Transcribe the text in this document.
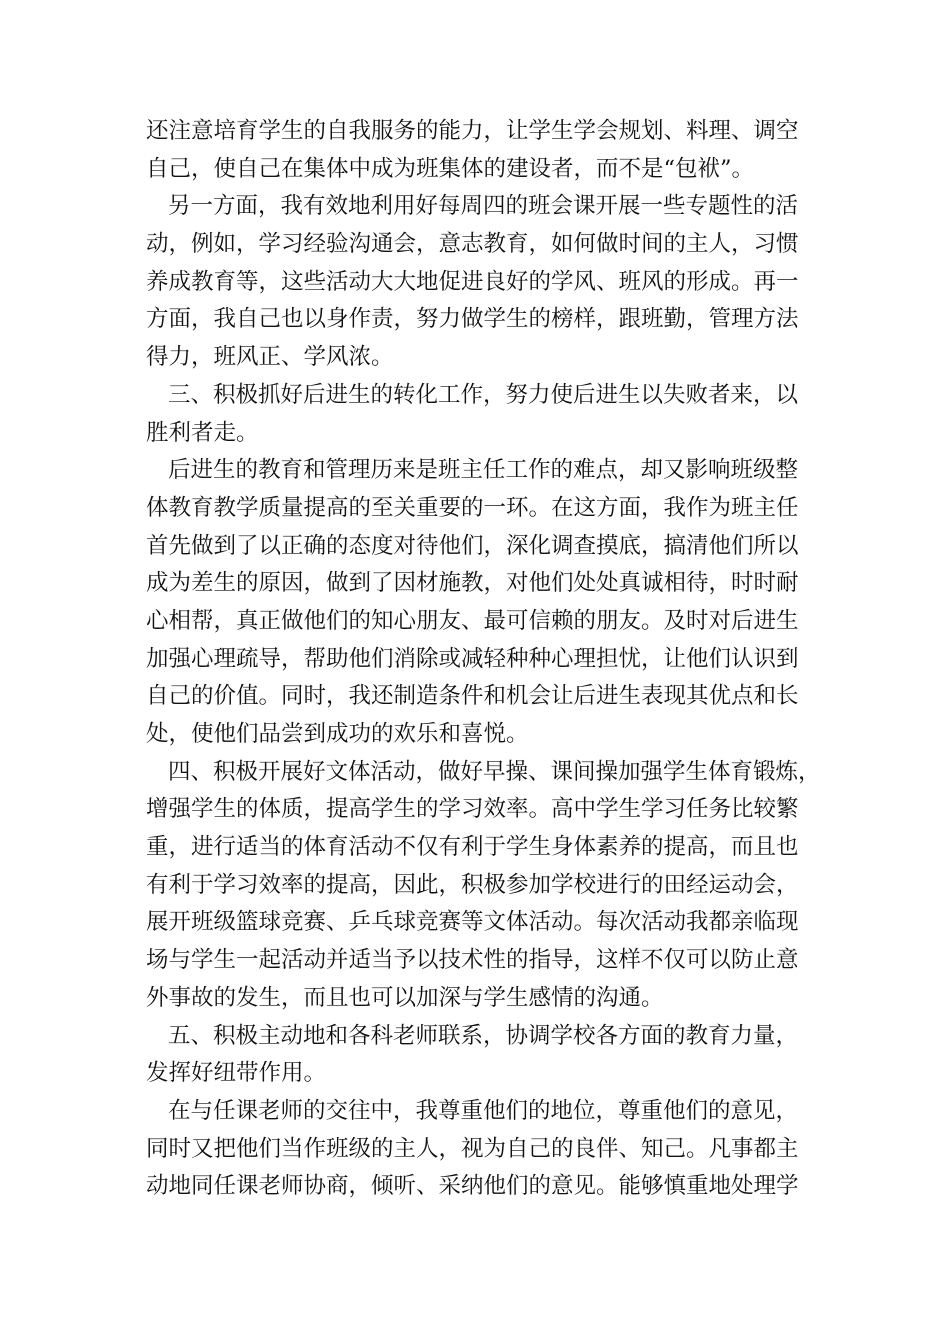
还注意培育学生的自我服务的能力，让学生学会规划、料理、调空
自己，使自己在集体中成为班集体的建设者，而不是“包袱”。
另一方面，我有效地利用好每周四的班会课开展一些专题性的活
动，例如，学习经验沟通会，意志教育，如何做时间的主人，习惯
养成教育等，这些活动大大地促进良好的学风、班风的形成。再一
方面，我自己也以身作责，努力做学生的榜样，跟班勤，管理方法
得力，班风正、学风浓。
三、积极抓好后进生的转化工作，努力使后进生以失败者来，以
胜利者走。
后进生的教育和管理历来是班主任工作的难点，却又影响班级整
体教育教学质量提高的至关重要的一环。在这方面，我作为班主任
首先做到了以正确的态度对待他们，深化调查摸底，搞清他们所以
成为差生的原因，做到了因材施教，对他们处处真诚相待，时时耐
心相帮，真正做他们的知心朋友、最可信赖的朋友。及时对后进生
加强心理疏导，帮助他们消除或减轻种种心理担忧，让他们认识到
自己的价值。同时，我还制造条件和机会让后进生表现其优点和长
处，使他们品尝到成功的欢乐和喜悦。
四、积极开展好文体活动，做好早操、课间操加强学生体育锻炼，
增强学生的体质，提高学生的学习效率。高中学生学习任务比较繁
重，进行适当的体育活动不仅有利于学生身体素养的提高，而且也
有利于学习效率的提高，因此，积极参加学校进行的田经运动会，
展开班级篮球竞赛、乒乓球竞赛等文体活动。每次活动我都亲临现
场与学生一起活动并适当予以技术性的指导，这样不仅可以防止意
外事故的发生，而且也可以加深与学生感情的沟通。
五、积极主动地和各科老师联系，协调学校各方面的教育力量，
发挥好纽带作用。
在与任课老师的交往中，我尊重他们的地位，尊重他们的意见，
同时又把他们当作班级的主人，视为自己的良伴、知己。凡事都主
动地同任课老师协商，倾听、采纳他们的意见。能够慎重地处理学
